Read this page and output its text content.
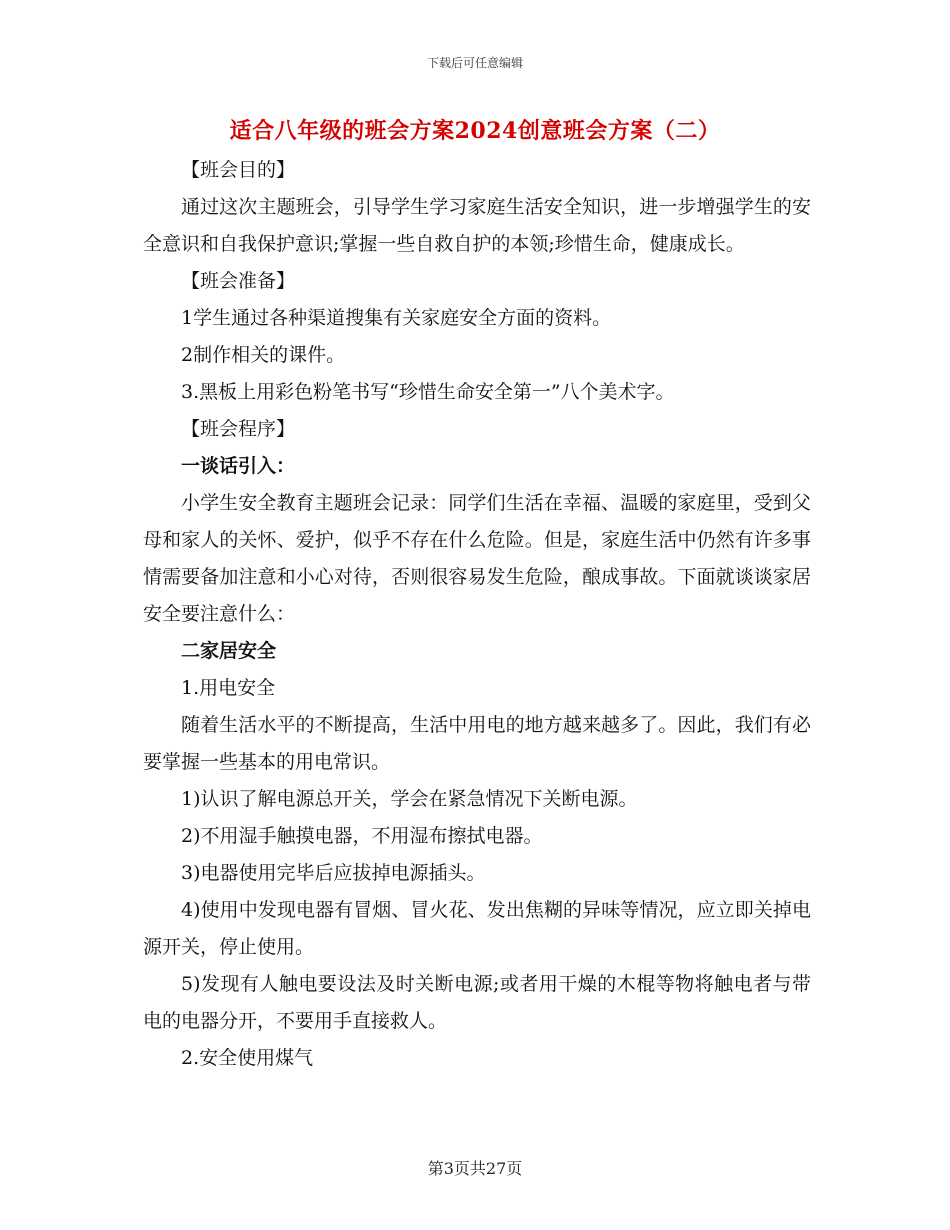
下载后可任意编辑
适合八年级的班会方案2024创意班会方案（二）

【班会目的】

通过这次主题班会，引导学生学习家庭生活安全知识，进一步增强学生的安全意识和自我保护意识;掌握一些自救自护的本领;珍惜生命，健康成长。

【班会准备】

1学生通过各种渠道搜集有关家庭安全方面的资料。

2制作相关的课件。

3.黑板上用彩色粉笔书写“珍惜生命安全第一”八个美术字。

【班会程序】

一谈话引入：

小学生安全教育主题班会记录：同学们生活在幸福、温暖的家庭里，受到父母和家人的关怀、爱护，似乎不存在什么危险。但是，家庭生活中仍然有许多事情需要备加注意和小心对待，否则很容易发生危险，酿成事故。下面就谈谈家居安全要注意什么：

二家居安全

1.用电安全

随着生活水平的不断提高，生活中用电的地方越来越多了。因此，我们有必要掌握一些基本的用电常识。

1)认识了解电源总开关，学会在紧急情况下关断电源。

2)不用湿手触摸电器，不用湿布擦拭电器。

3)电器使用完毕后应拔掉电源插头。

4)使用中发现电器有冒烟、冒火花、发出焦糊的异味等情况，应立即关掉电源开关，停止使用。

5)发现有人触电要设法及时关断电源;或者用干燥的木棍等物将触电者与带电的电器分开，不要用手直接救人。

2.安全使用煤气

第3页共27页
